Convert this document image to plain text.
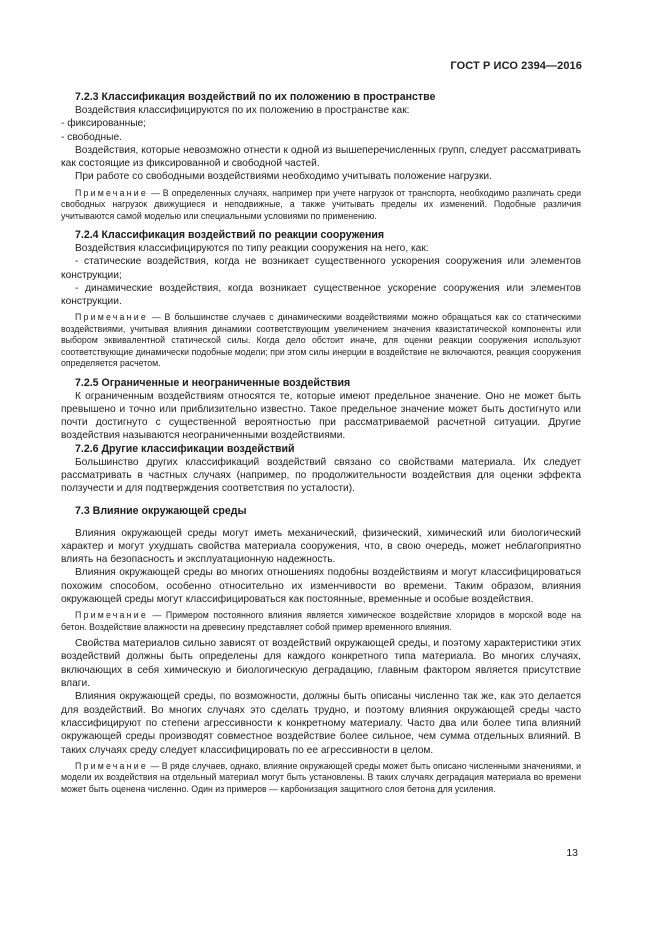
ГОСТ Р ИСО 2394—2016
7.2.3 Классификация воздействий по их положению в пространстве

Воздействия классифицируются по их положению в пространстве как:

- фиксированные;

- свободные.

Воздействия, которые невозможно отнести к одной из вышеперечисленных групп, следует рассматривать как состоящие из фиксированной и свободной частей.

При работе со свободными воздействиями необходимо учитывать положение нагрузки.

Примечание — В определенных случаях, например при учете нагрузок от транспорта, необходимо различать среди свободных нагрузок движущиеся и неподвижные, а также учитывать пределы их изменений. Подобные различия учитываются самой моделью или специальными условиями по применению.

7.2.4 Классификация воздействий по реакции сооружения

Воздействия классифицируются по типу реакции сооружения на него, как:

- статические воздействия, когда не возникает существенного ускорения сооружения или элементов конструкции;

- динамические воздействия, когда возникает существенное ускорение сооружения или элементов конструкции.

Примечание — В большинстве случаев с динамическими воздействиями можно обращаться как со статическими воздействиями, учитывая влияния динамики соответствующим увеличением значения квазистатической компоненты или выбором эквивалентной статической силы. Когда дело обстоит иначе, для оценки реакции сооружения используют соответствующие динамически подобные модели; при этом силы инерции в воздействие не включаются, реакция сооружения определяется расчетом.

7.2.5 Ограниченные и неограниченные воздействия

К ограниченным воздействиям относятся те, которые имеют предельное значение. Оно не может быть превышено и точно или приблизительно известно. Такое предельное значение может быть достигнуто или почти достигнуто с существенной вероятностью при рассматриваемой расчетной ситуации. Другие воздействия называются неограниченными воздействиями.

7.2.6 Другие классификации воздействий

Большинство других классификаций воздействий связано со свойствами материала. Их следует рассматривать в частных случаях (например, по продолжительности воздействия для оценки эффекта ползучести и для подтверждения соответствия по усталости).

7.3 Влияние окружающей среды

Влияния окружающей среды могут иметь механический, физический, химический или биологический характер и могут ухудшать свойства материала сооружения, что, в свою очередь, может неблагоприятно влиять на безопасность и эксплуатационную надежность.

Влияния окружающей среды во многих отношениях подобны воздействиям и могут классифицироваться похожим способом, особенно относительно их изменчивости во времени. Таким образом, влияния окружающей среды могут классифицироваться как постоянные, временные и особые воздействия.

Примечание — Примером постоянного влияния является химическое воздействие хлоридов в морской воде на бетон. Воздействие влажности на древесину представляет собой пример временного влияния.

Свойства материалов сильно зависят от воздействий окружающей среды, и поэтому характеристики этих воздействий должны быть определены для каждого конкретного типа материала. Во многих случаях, включающих в себя химическую и биологическую деградацию, главным фактором является присутствие влаги.

Влияния окружающей среды, по возможности, должны быть описаны численно так же, как это делается для воздействий. Во многих случаях это сделать трудно, и поэтому влияния окружающей среды часто классифицируют по степени агрессивности к конкретному материалу. Часто два или более типа влияний окружающей среды производят совместное воздействие более сильное, чем сумма отдельных влияний. В таких случаях среду следует классифицировать по ее агрессивности в целом.

Примечание — В ряде случаев, однако, влияние окружающей среды может быть описано численными значениями, и модели их воздействия на отдельный материал могут быть установлены. В таких случаях деградация материала во времени может быть оценена численно. Один из примеров — карбонизация защитного слоя бетона для усиления.

13
